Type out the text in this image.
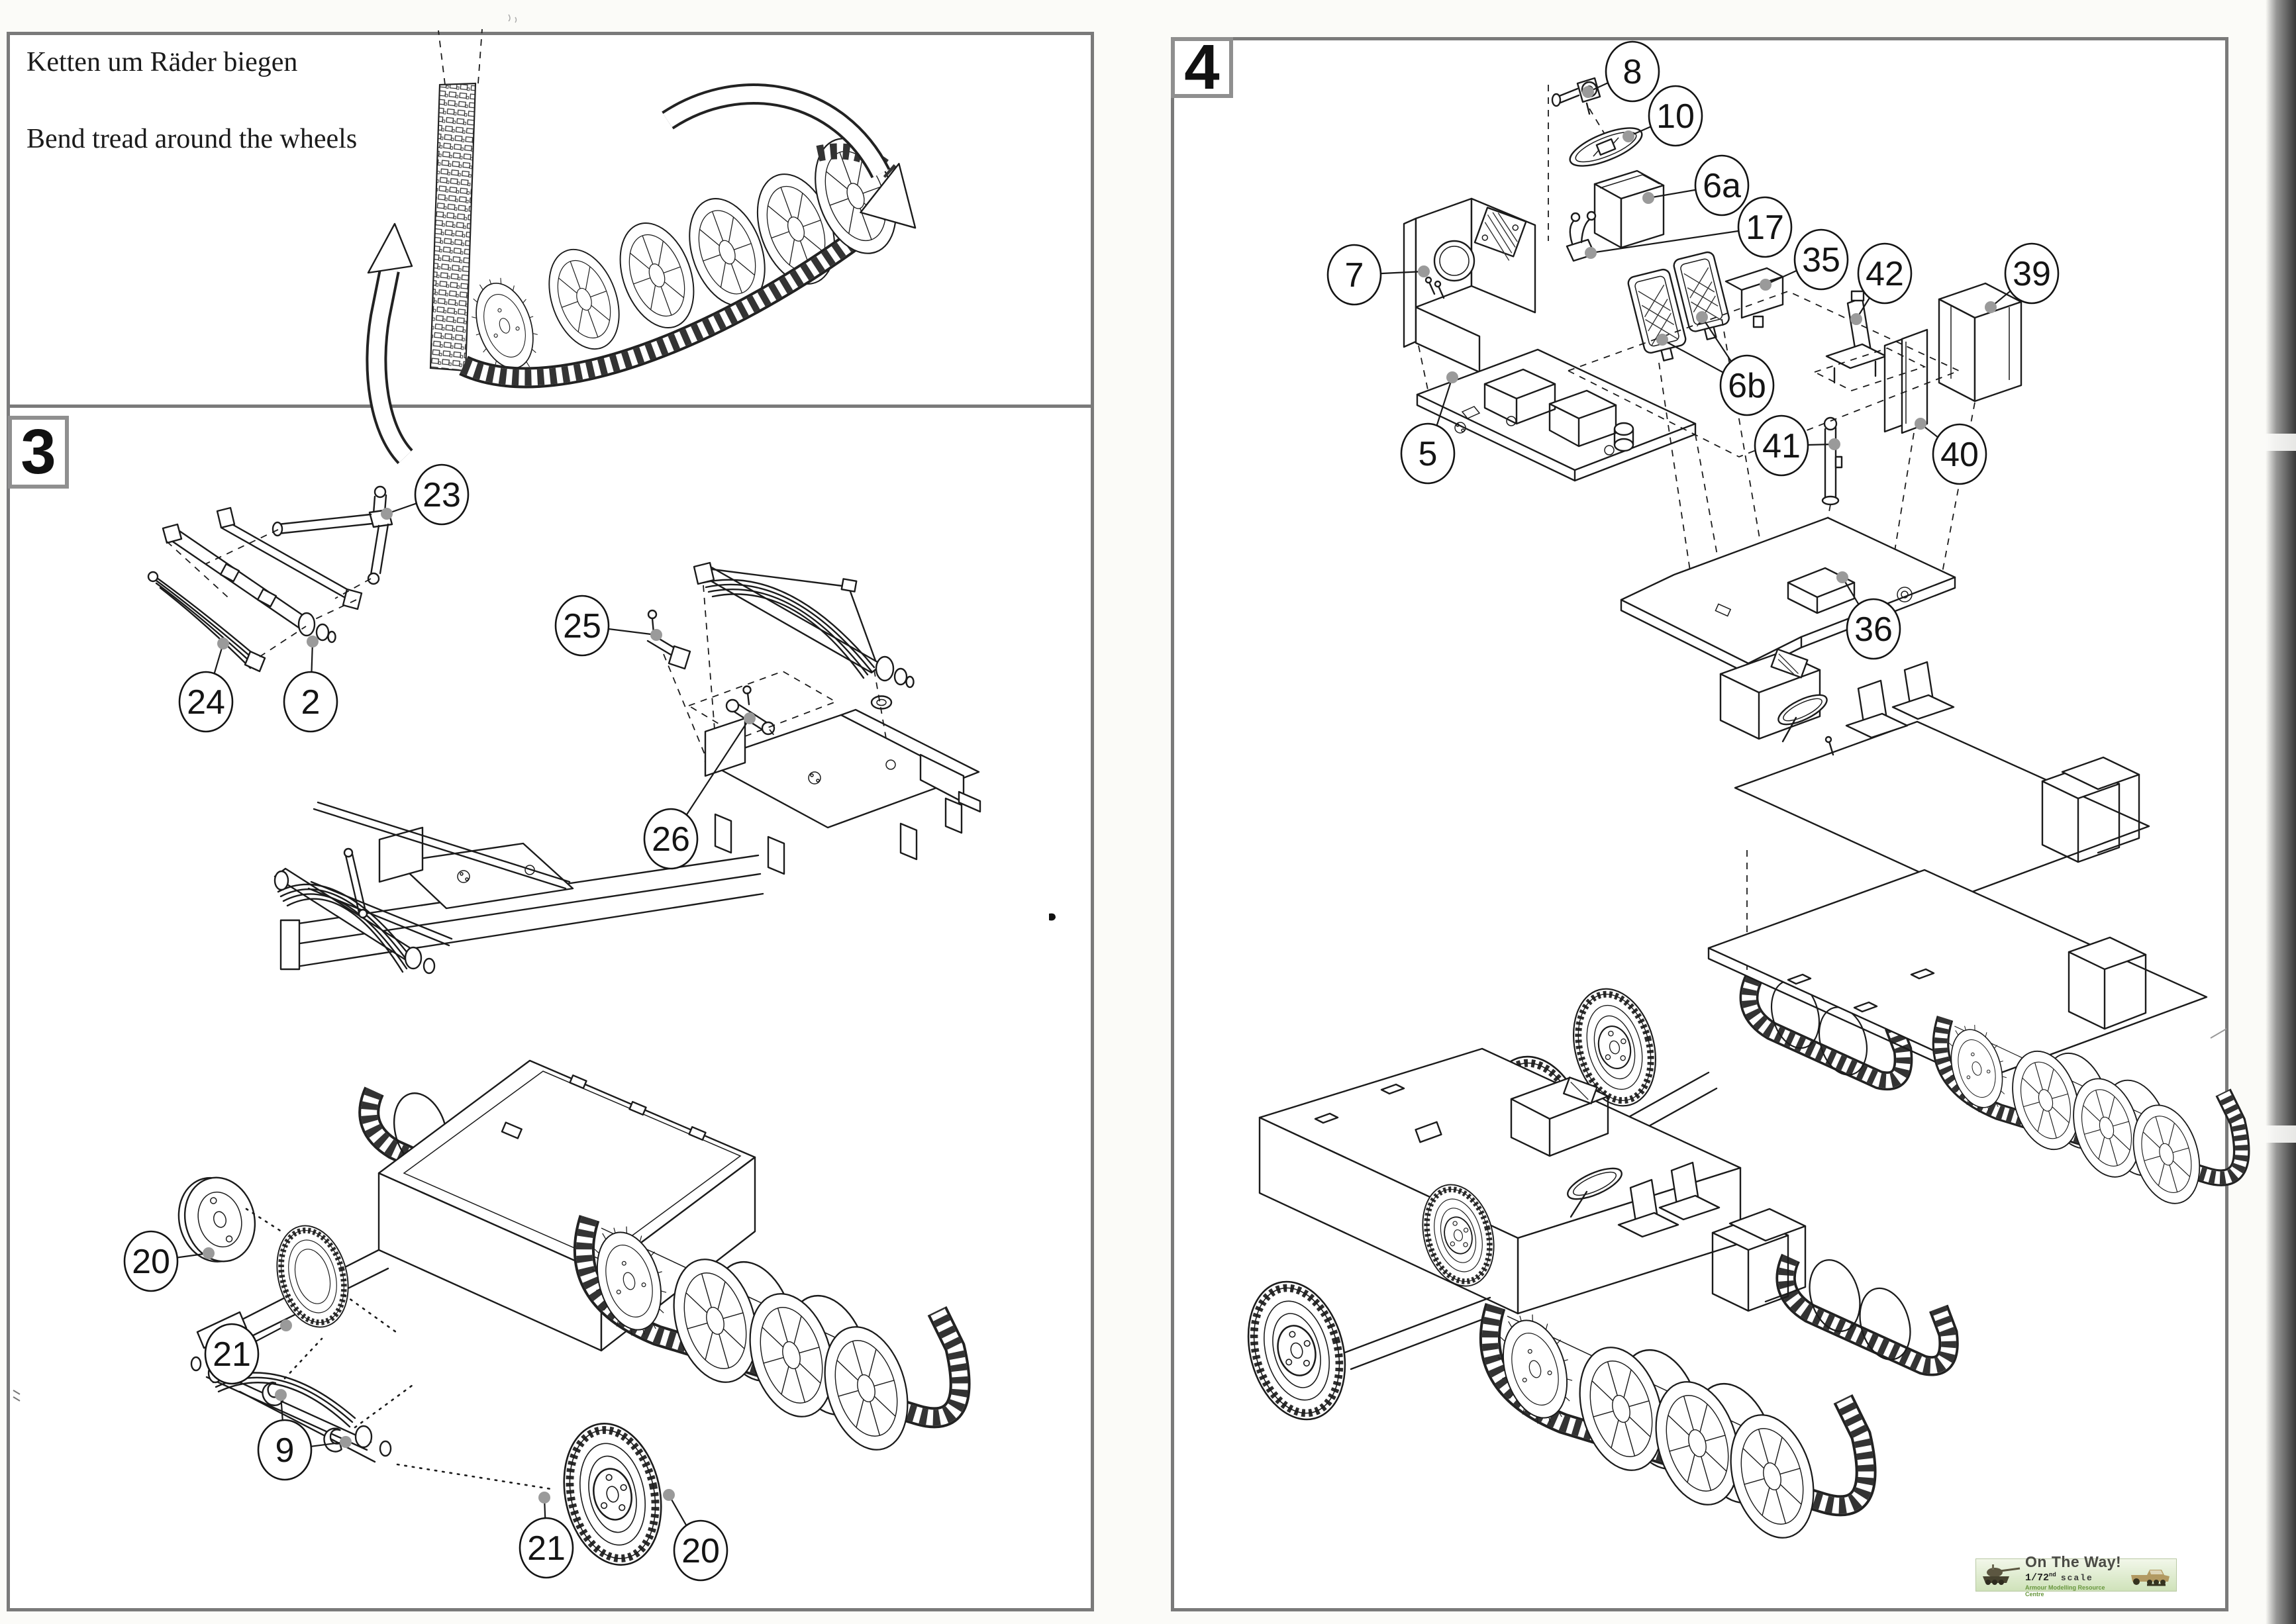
Ketten um Räder biegen

Bend tread around the wheels

3
4
23
24 2
25
26
20
21
9
21	20
8
10
6a
17
7	35 42	39
6b
41	40
5
36
On The Way!
1/72nd scale
Armour Modelling Resource Centre
